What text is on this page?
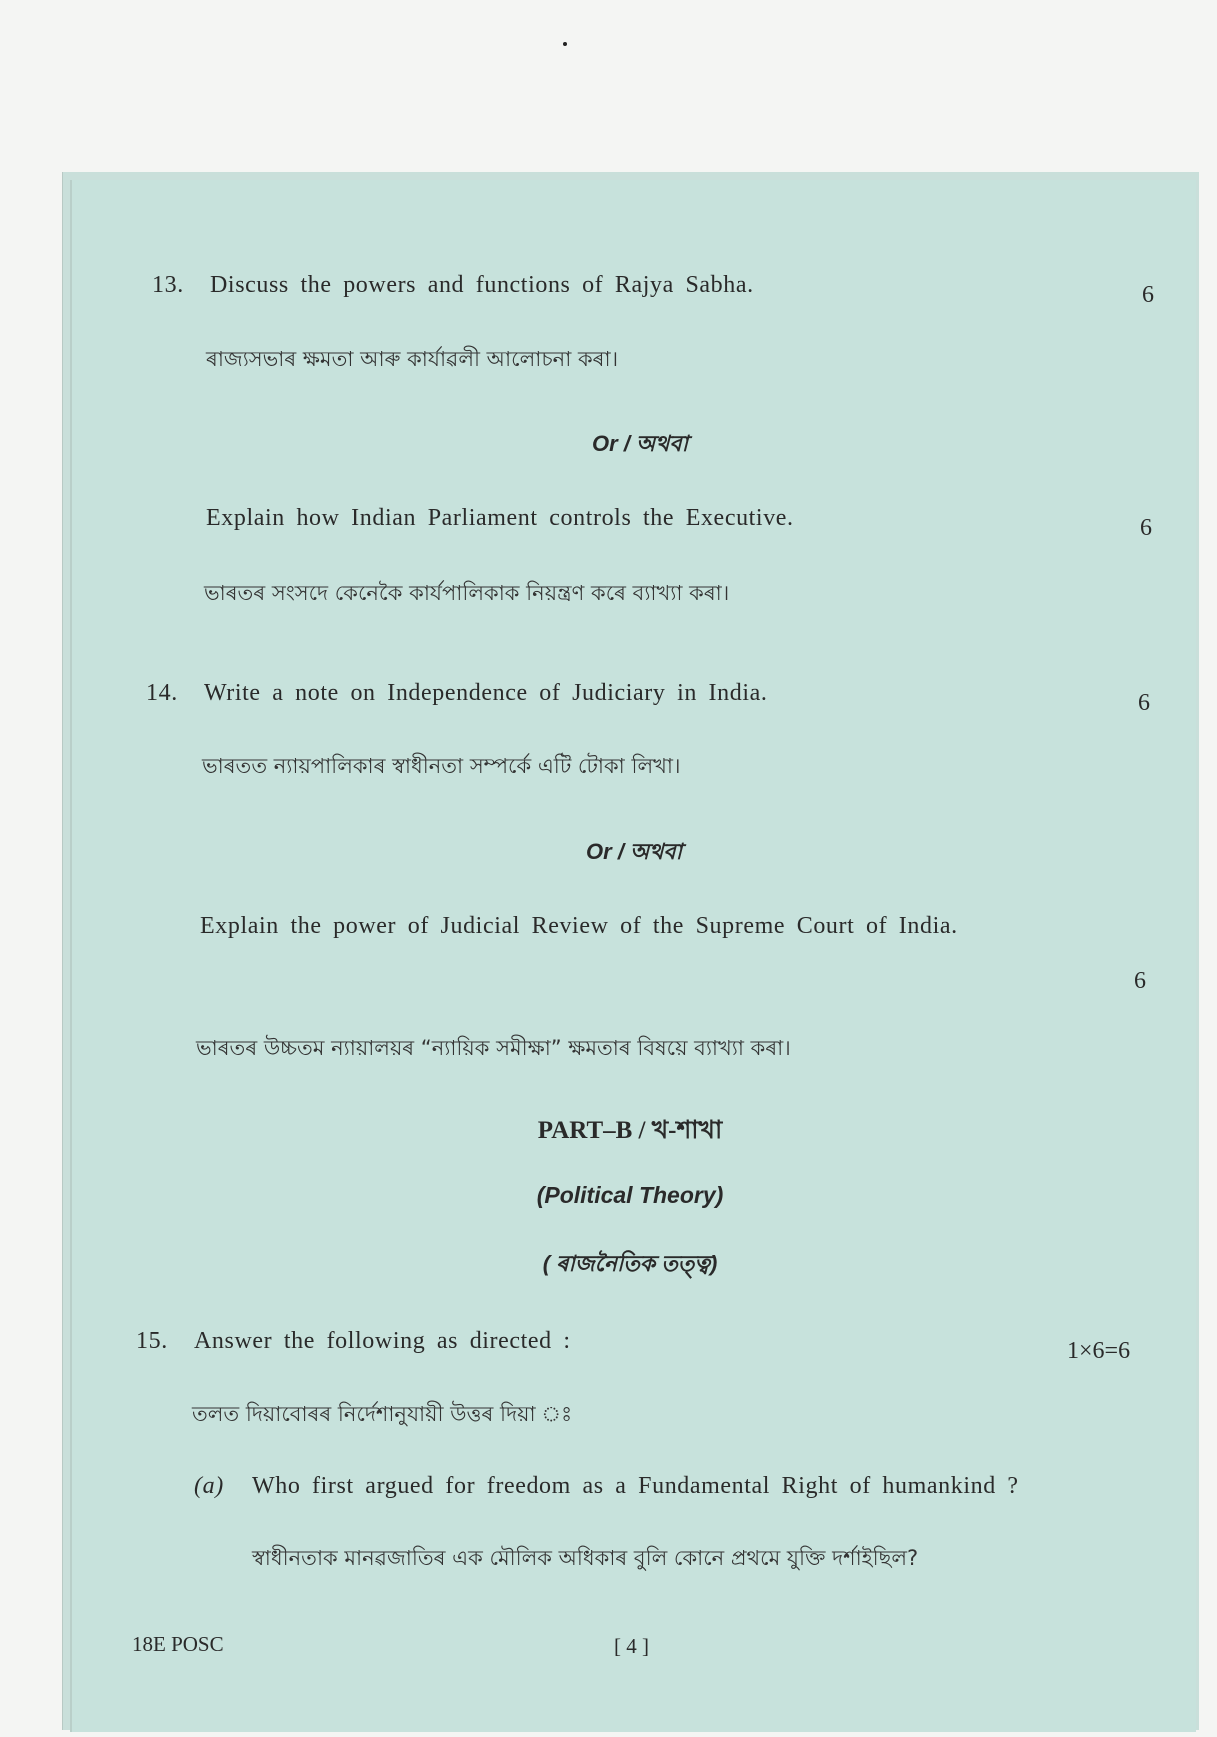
13. Discuss the powers and functions of Rajya Sabha.	6
ৰাজ্যসভাৰ ক্ষমতা আৰু কাৰ্যাৱলী আলোচনা কৰা।
Or / অথবা
Explain how Indian Parliament controls the Executive.	6
ভাৰতৰ সংসদে কেনেকৈ কাৰ্যপালিকাক নিয়ন্ত্ৰণ কৰে ব্যাখ্যা কৰা।
14. Write a note on Independence of Judiciary in India.	6
ভাৰতত ন্যায়পালিকাৰ স্বাধীনতা সম্পৰ্কে এটি টোকা লিখা।
Or / অথবা
Explain the power of Judicial Review of the Supreme Court of India.
6
ভাৰতৰ উচ্চতম ন্যায়ালয়ৰ “ন্যায়িক সমীক্ষা” ক্ষমতাৰ বিষয়ে ব্যাখ্যা কৰা।
PART–B / খ-শাখা
(Political Theory)
( ৰাজনৈতিক তত্ত্ব)
15. Answer the following as directed :	1×6=6
তলত দিয়াবোৰৰ নিৰ্দেশানুযায়ী উত্তৰ দিয়া ঃ
(a) Who first argued for freedom as a Fundamental Right of humankind ?
স্বাধীনতাক মানৱজাতিৰ এক মৌলিক অধিকাৰ বুলি কোনে প্ৰথমে যুক্তি দৰ্শাইছিল?
18E POSC	[ 4 ]
